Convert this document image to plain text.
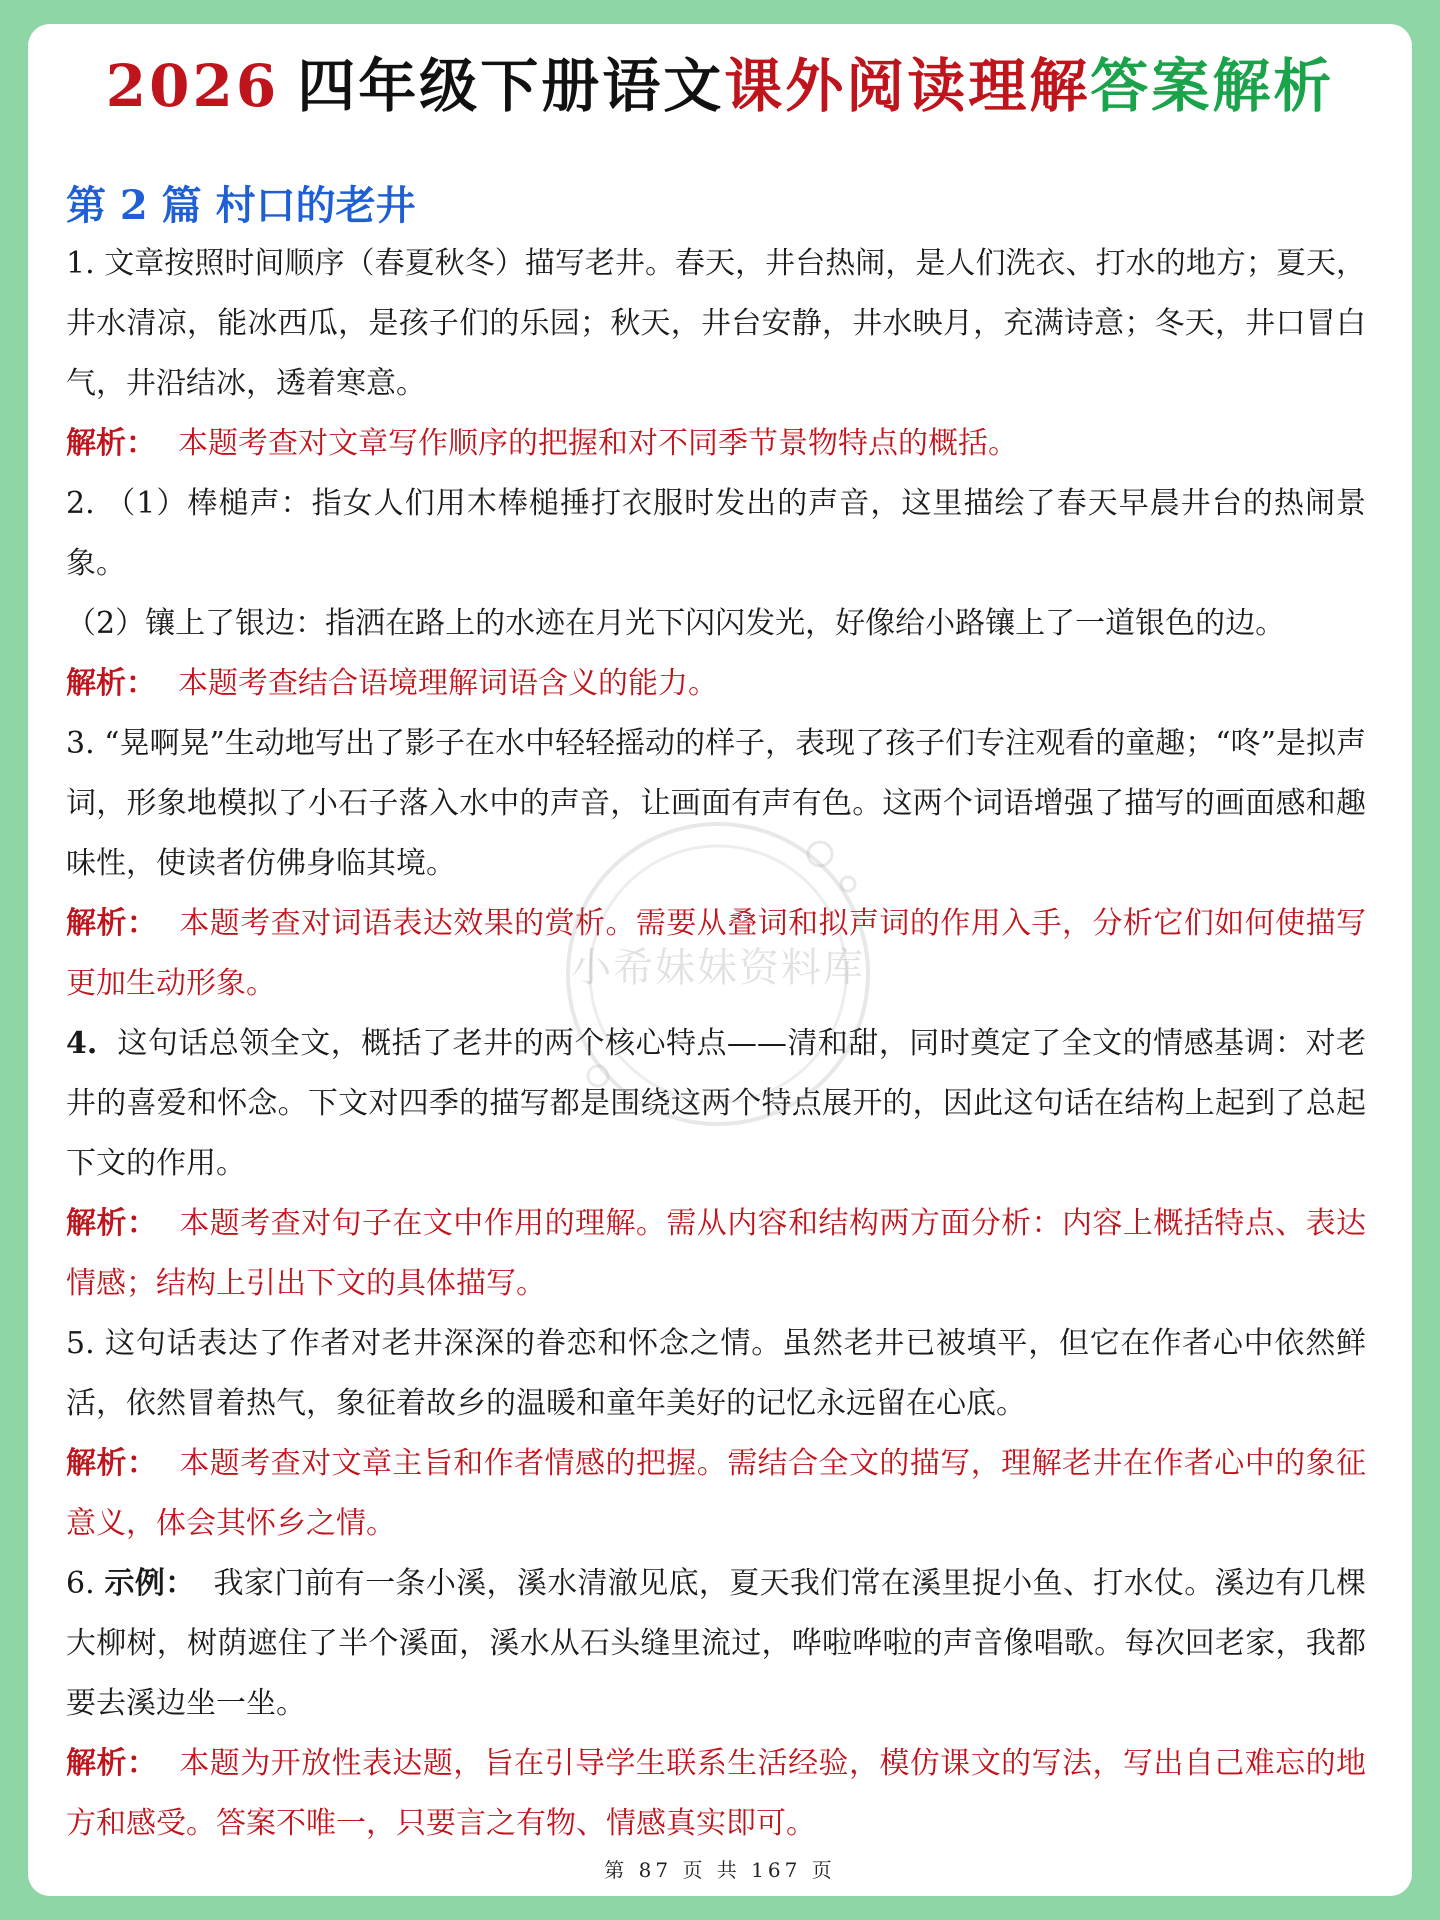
2026 四年级下册语文课外阅读理解答案解析
第 2 篇 村口的老井

1. 文章按照时间顺序（春夏秋冬）描写老井。春天，井台热闹，是人们洗衣、打水的地方；夏天，井水清凉，能冰西瓜，是孩子们的乐园；秋天，井台安静，井水映月，充满诗意；冬天，井口冒白气，井沿结冰，透着寒意。

解析： 本题考查对文章写作顺序的把握和对不同季节景物特点的概括。

2. （1）棒槌声：指女人们用木棒槌捶打衣服时发出的声音，这里描绘了春天早晨井台的热闹景象。

（2）镶上了银边：指洒在路上的水迹在月光下闪闪发光，好像给小路镶上了一道银色的边。

解析： 本题考查结合语境理解词语含义的能力。

3. “晃啊晃”生动地写出了影子在水中轻轻摇动的样子，表现了孩子们专注观看的童趣；“咚”是拟声词，形象地模拟了小石子落入水中的声音，让画面有声有色。这两个词语增强了描写的画面感和趣味性，使读者仿佛身临其境。

解析： 本题考查对词语表达效果的赏析。需要从叠词和拟声词的作用入手，分析它们如何使描写更加生动形象。

4. 这句话总领全文，概括了老井的两个核心特点——清和甜，同时奠定了全文的情感基调：对老井的喜爱和怀念。下文对四季的描写都是围绕这两个特点展开的，因此这句话在结构上起到了总起下文的作用。

解析： 本题考查对句子在文中作用的理解。需从内容和结构两方面分析：内容上概括特点、表达情感；结构上引出下文的具体描写。

5. 这句话表达了作者对老井深深的眷恋和怀念之情。虽然老井已被填平，但它在作者心中依然鲜活，依然冒着热气，象征着故乡的温暖和童年美好的记忆永远留在心底。

解析： 本题考查对文章主旨和作者情感的把握。需结合全文的描写，理解老井在作者心中的象征意义，体会其怀乡之情。

6. 示例： 我家门前有一条小溪，溪水清澈见底，夏天我们常在溪里捉小鱼、打水仗。溪边有几棵大柳树，树荫遮住了半个溪面，溪水从石头缝里流过，哗啦哗啦的声音像唱歌。每次回老家，我都要去溪边坐一坐。

解析： 本题为开放性表达题，旨在引导学生联系生活经验，模仿课文的写法，写出自己难忘的地方和感受。答案不唯一，只要言之有物、情感真实即可。

小希妹妹资料库
第 87 页 共 167 页
